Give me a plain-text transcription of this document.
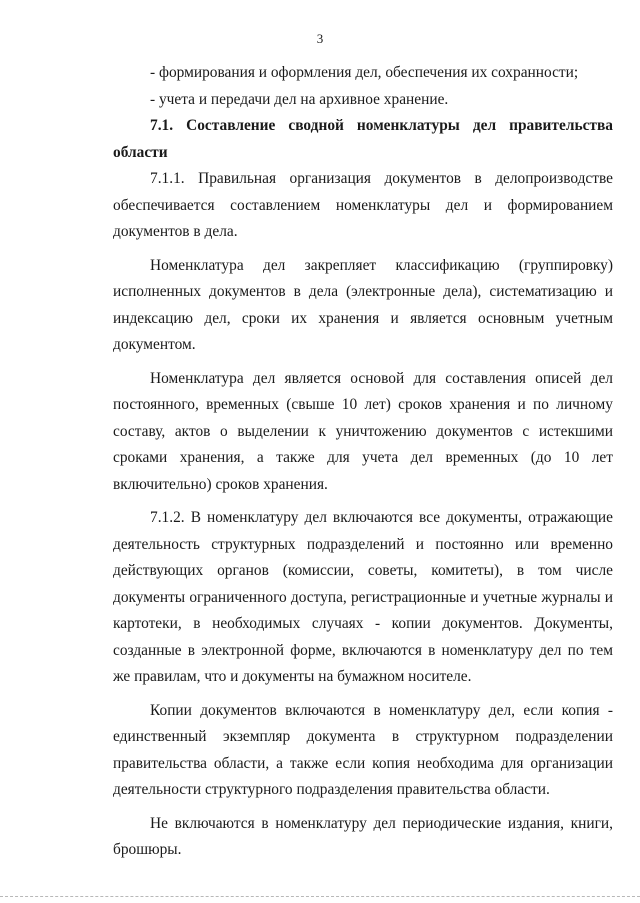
3

- формирования и оформления дел, обеспечения их сохранности;

- учета и передачи дел на архивное хранение.

7.1. Составление сводной номенклатуры дел правительства области

7.1.1. Правильная организация документов в делопроизводстве обеспечивается составлением номенклатуры дел и формированием документов в дела.

Номенклатура дел закрепляет классификацию (группировку) исполненных документов в дела (электронные дела), систематизацию и индексацию дел, сроки их хранения и является основным учетным документом.

Номенклатура дел является основой для составления описей дел постоянного, временных (свыше 10 лет) сроков хранения и по личному составу, актов о выделении к уничтожению документов с истекшими сроками хранения, а также для учета дел временных (до 10 лет включительно) сроков хранения.

7.1.2. В номенклатуру дел включаются все документы, отражающие деятельность структурных подразделений и постоянно или временно действующих органов (комиссии, советы, комитеты), в том числе документы ограниченного доступа, регистрационные и учетные журналы и картотеки, в необходимых случаях - копии документов. Документы, созданные в электронной форме, включаются в номенклатуру дел по тем же правилам, что и документы на бумажном носителе.

Копии документов включаются в номенклатуру дел, если копия - единственный экземпляр документа в структурном подразделении правительства области, а также если копия необходима для организации деятельности структурного подразделения правительства области.

Не включаются в номенклатуру дел периодические издания, книги, брошюры.
